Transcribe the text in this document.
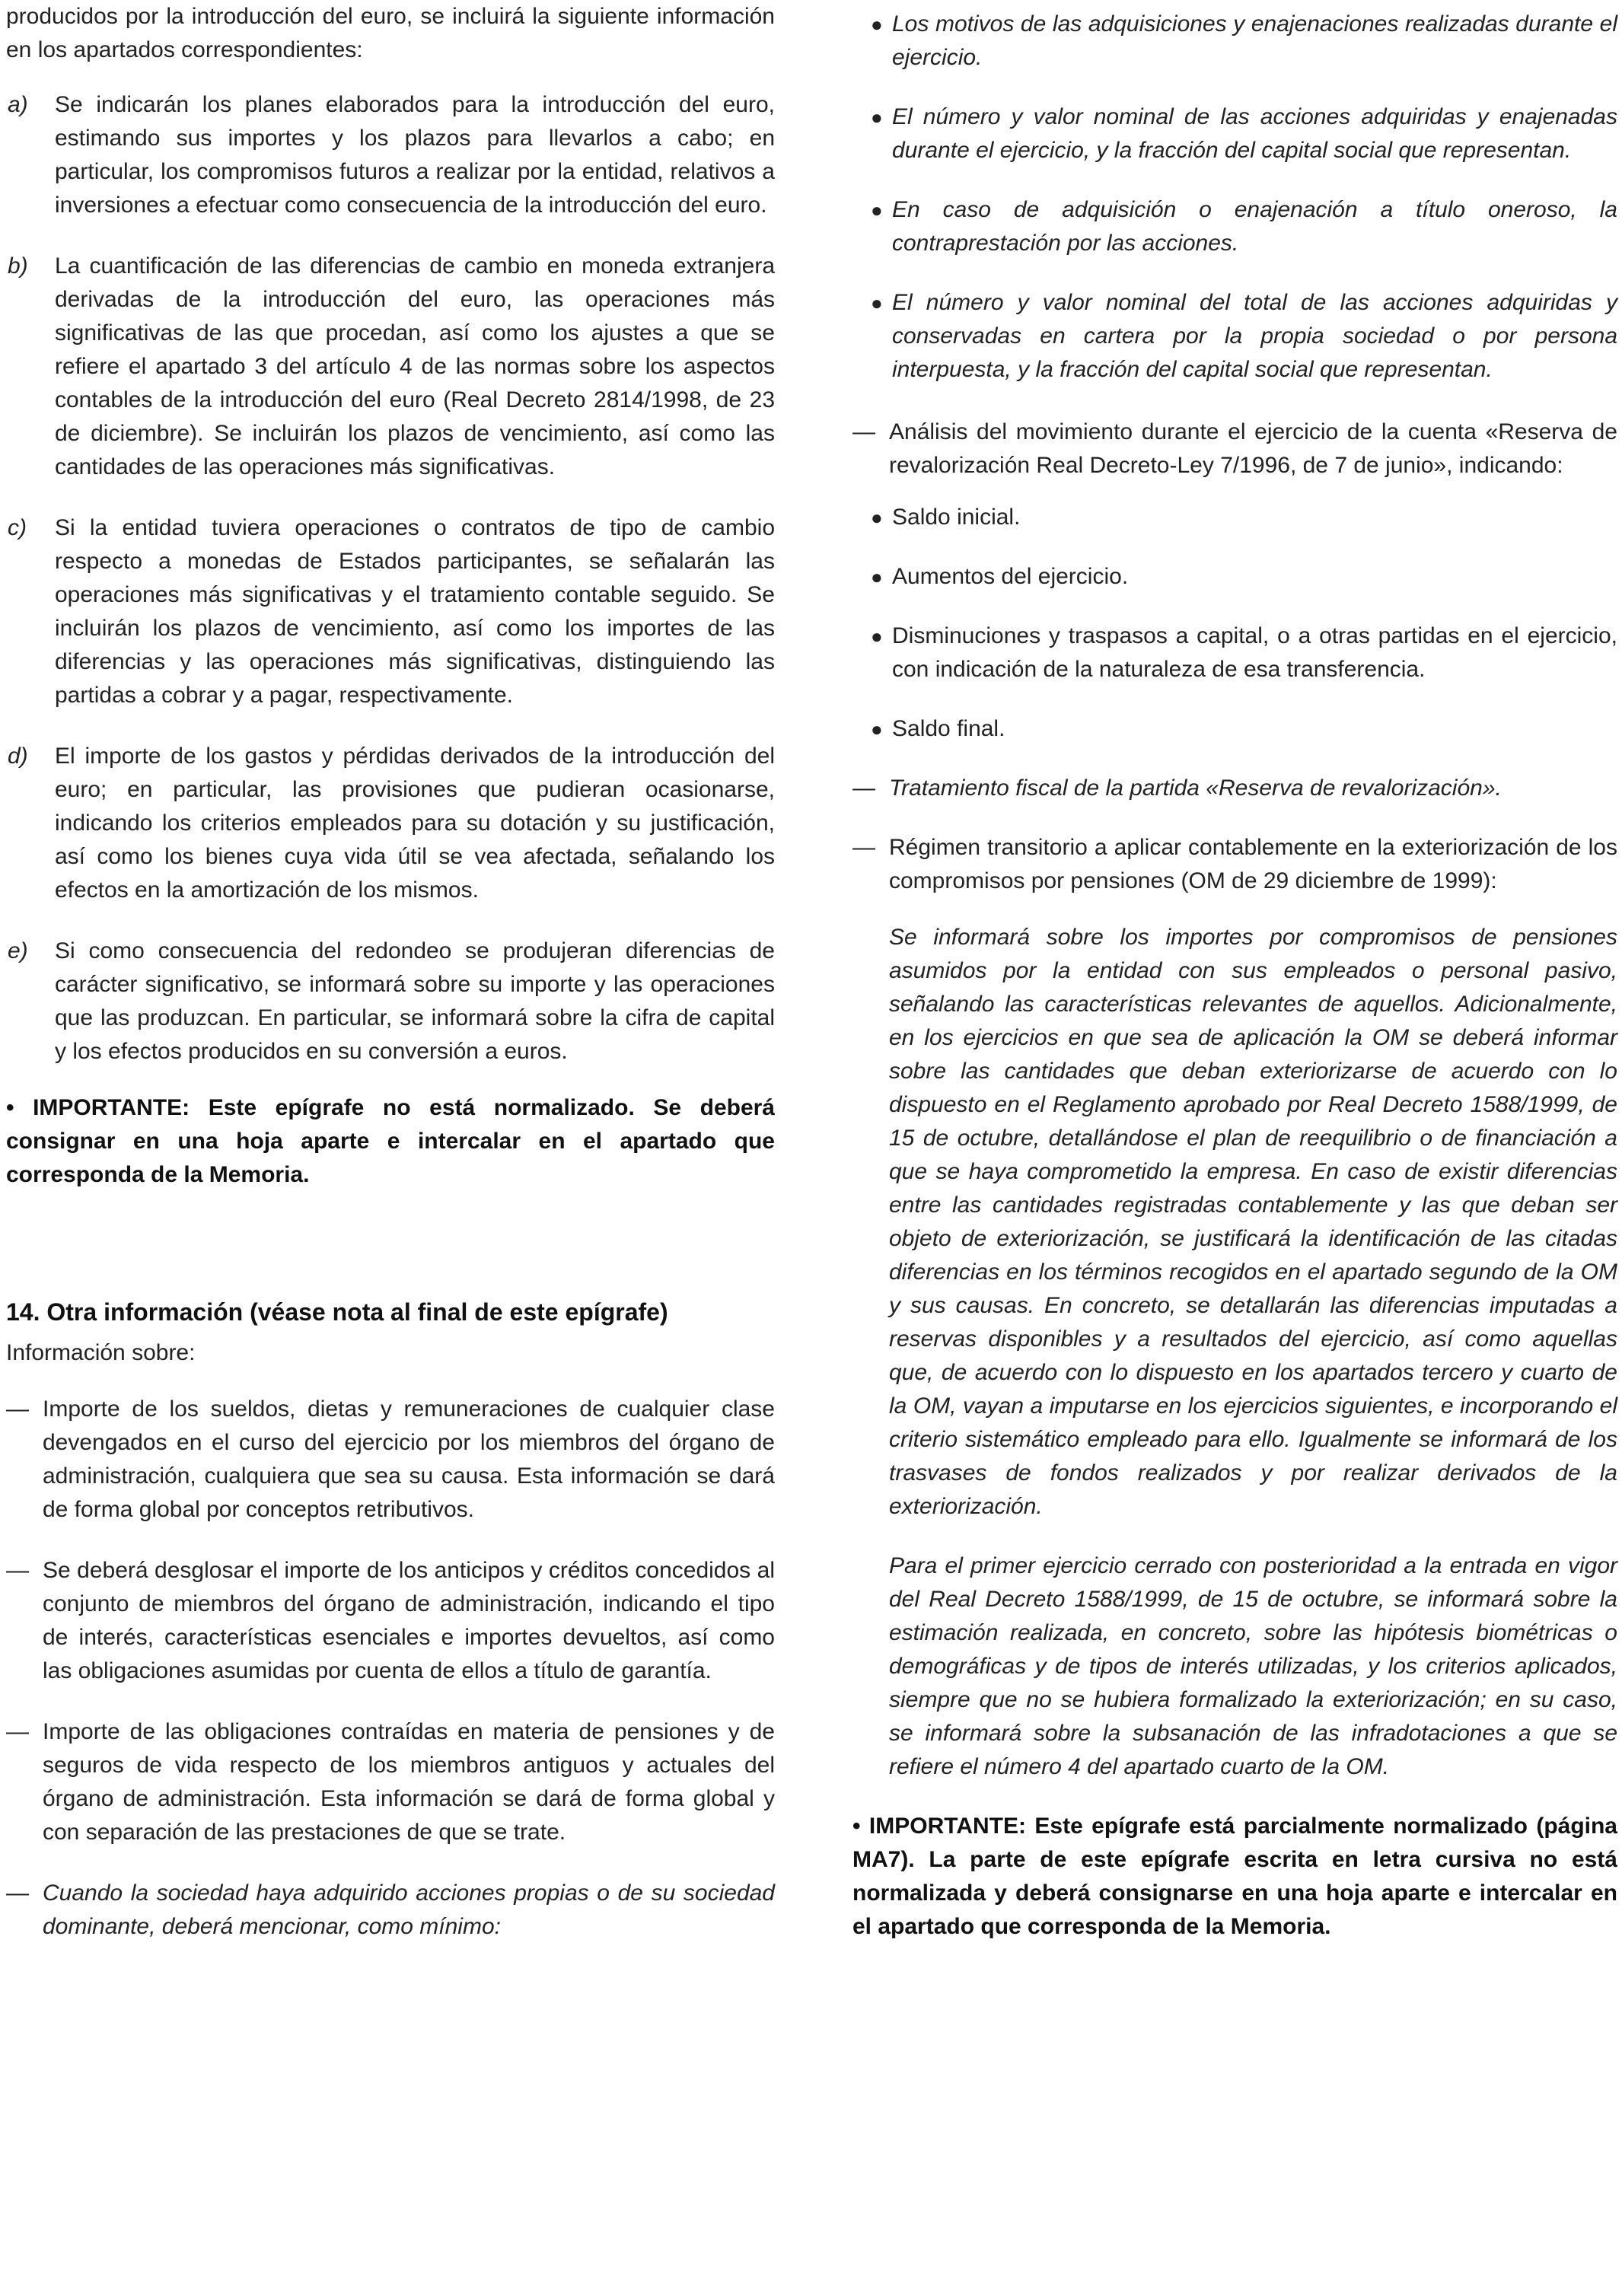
producidos por la introducción del euro, se incluirá la siguiente información en los apartados correspondientes:

a) Se indicarán los planes elaborados para la introducción del euro, estimando sus importes y los plazos para llevarlos a cabo; en particular, los compromisos futuros a realizar por la entidad, relativos a inversiones a efectuar como consecuencia de la introducción del euro.

b) La cuantificación de las diferencias de cambio en moneda extranjera derivadas de la introducción del euro, las operaciones más significativas de las que procedan, así como los ajustes a que se refiere el apartado 3 del artículo 4 de las normas sobre los aspectos contables de la introducción del euro (Real Decreto 2814/1998, de 23 de diciembre). Se incluirán los plazos de vencimiento, así como las cantidades de las operaciones más significativas.

c) Si la entidad tuviera operaciones o contratos de tipo de cambio respecto a monedas de Estados participantes, se señalarán las operaciones más significativas y el tratamiento contable seguido. Se incluirán los plazos de vencimiento, así como los importes de las diferencias y las operaciones más significativas, distinguiendo las partidas a cobrar y a pagar, respectivamente.

d) El importe de los gastos y pérdidas derivados de la introducción del euro; en particular, las provisiones que pudieran ocasionarse, indicando los criterios empleados para su dotación y su justificación, así como los bienes cuya vida útil se vea afectada, señalando los efectos en la amortización de los mismos.

e) Si como consecuencia del redondeo se produjeran diferencias de carácter significativo, se informará sobre su importe y las operaciones que las produzcan. En particular, se informará sobre la cifra de capital y los efectos producidos en su conversión a euros.

• IMPORTANTE: Este epígrafe no está normalizado. Se deberá consignar en una hoja aparte e intercalar en el apartado que corresponda de la Memoria.

14. Otra información (véase nota al final de este epígrafe)

Información sobre:

— Importe de los sueldos, dietas y remuneraciones de cualquier clase devengados en el curso del ejercicio por los miembros del órgano de administración, cualquiera que sea su causa. Esta información se dará de forma global por conceptos retributivos.

— Se deberá desglosar el importe de los anticipos y créditos concedidos al conjunto de miembros del órgano de administración, indicando el tipo de interés, características esenciales e importes devueltos, así como las obligaciones asumidas por cuenta de ellos a título de garantía.

— Importe de las obligaciones contraídas en materia de pensiones y de seguros de vida respecto de los miembros antiguos y actuales del órgano de administración. Esta información se dará de forma global y con separación de las prestaciones de que se trate.

— Cuando la sociedad haya adquirido acciones propias o de su sociedad dominante, deberá mencionar, como mínimo:

● Los motivos de las adquisiciones y enajenaciones realizadas durante el ejercicio.

● El número y valor nominal de las acciones adquiridas y enajenadas durante el ejercicio, y la fracción del capital social que representan.

● En caso de adquisición o enajenación a título oneroso, la contraprestación por las acciones.

● El número y valor nominal del total de las acciones adquiridas y conservadas en cartera por la propia sociedad o por persona interpuesta, y la fracción del capital social que representan.

— Análisis del movimiento durante el ejercicio de la cuenta «Reserva de revalorización Real Decreto-Ley 7/1996, de 7 de junio», indicando:

● Saldo inicial.

● Aumentos del ejercicio.

● Disminuciones y traspasos a capital, o a otras partidas en el ejercicio, con indicación de la naturaleza de esa transferencia.

● Saldo final.

— Tratamiento fiscal de la partida «Reserva de revalorización».

— Régimen transitorio a aplicar contablemente en la exteriorización de los compromisos por pensiones (OM de 29 diciembre de 1999):

Se informará sobre los importes por compromisos de pensiones asumidos por la entidad con sus empleados o personal pasivo, señalando las características relevantes de aquellos. Adicionalmente, en los ejercicios en que sea de aplicación la OM se deberá informar sobre las cantidades que deban exteriorizarse de acuerdo con lo dispuesto en el Reglamento aprobado por Real Decreto 1588/1999, de 15 de octubre, detallándose el plan de reequilibrio o de financiación a que se haya comprometido la empresa. En caso de existir diferencias entre las cantidades registradas contablemente y las que deban ser objeto de exteriorización, se justificará la identificación de las citadas diferencias en los términos recogidos en el apartado segundo de la OM y sus causas. En concreto, se detallarán las diferencias imputadas a reservas disponibles y a resultados del ejercicio, así como aquellas que, de acuerdo con lo dispuesto en los apartados tercero y cuarto de la OM, vayan a imputarse en los ejercicios siguientes, e incorporando el criterio sistemático empleado para ello. Igualmente se informará de los trasvases de fondos realizados y por realizar derivados de la exteriorización.

Para el primer ejercicio cerrado con posterioridad a la entrada en vigor del Real Decreto 1588/1999, de 15 de octubre, se informará sobre la estimación realizada, en concreto, sobre las hipótesis biométricas o demográficas y de tipos de interés utilizadas, y los criterios aplicados, siempre que no se hubiera formalizado la exteriorización; en su caso, se informará sobre la subsanación de las infradotaciones a que se refiere el número 4 del apartado cuarto de la OM.

• IMPORTANTE: Este epígrafe está parcialmente normalizado (página MA7). La parte de este epígrafe escrita en letra cursiva no está normalizada y deberá consignarse en una hoja aparte e intercalar en el apartado que corresponda de la Memoria.
